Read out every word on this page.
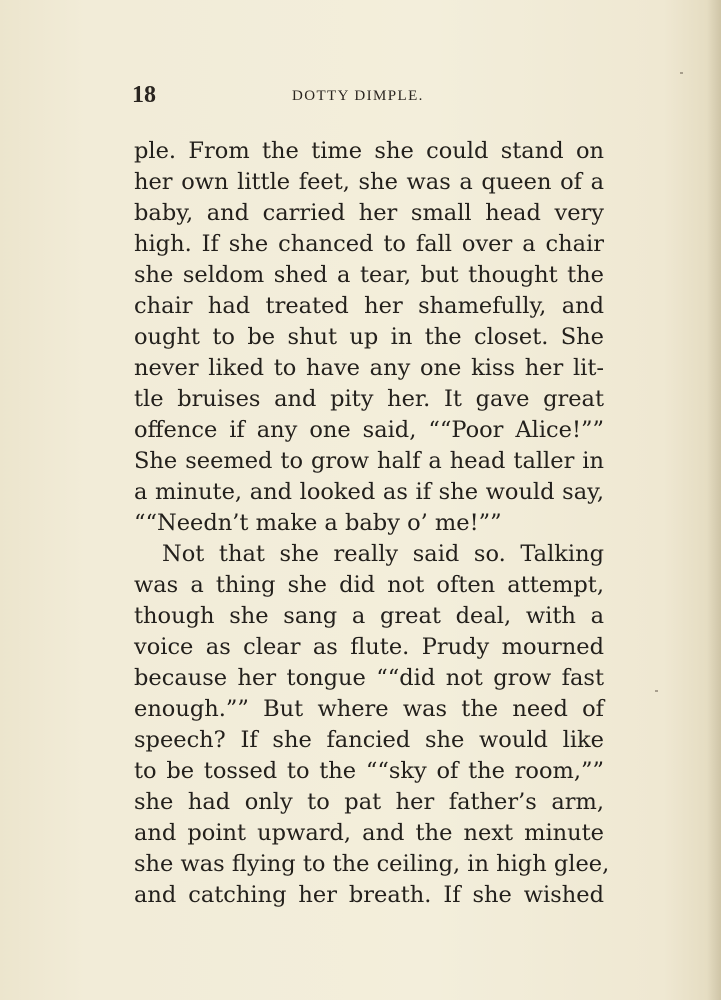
18	DOTTY DIMPLE.
ple. From the time she could stand on
her own little feet, she was a queen of a
baby, and carried her small head very
high. If she chanced to fall over a chair
she seldom shed a tear, but thought the
chair had treated her shamefully, and
ought to be shut up in the closet. She
never liked to have any one kiss her lit-
tle bruises and pity her. It gave great
offence if any one said, ““Poor Alice!””
She seemed to grow half a head taller in
a minute, and looked as if she would say,
““Needn’t make a baby o’ me!””
Not that she really said so. Talking
was a thing she did not often attempt,
though she sang a great deal, with a
voice as clear as flute. Prudy mourned
because her tongue ““did not grow fast
enough.”” But where was the need of
speech? If she fancied she would like
to be tossed to the ““sky of the room,””
she had only to pat her father’s arm,
and point upward, and the next minute
she was flying to the ceiling, in high glee,
and catching her breath. If she wished
